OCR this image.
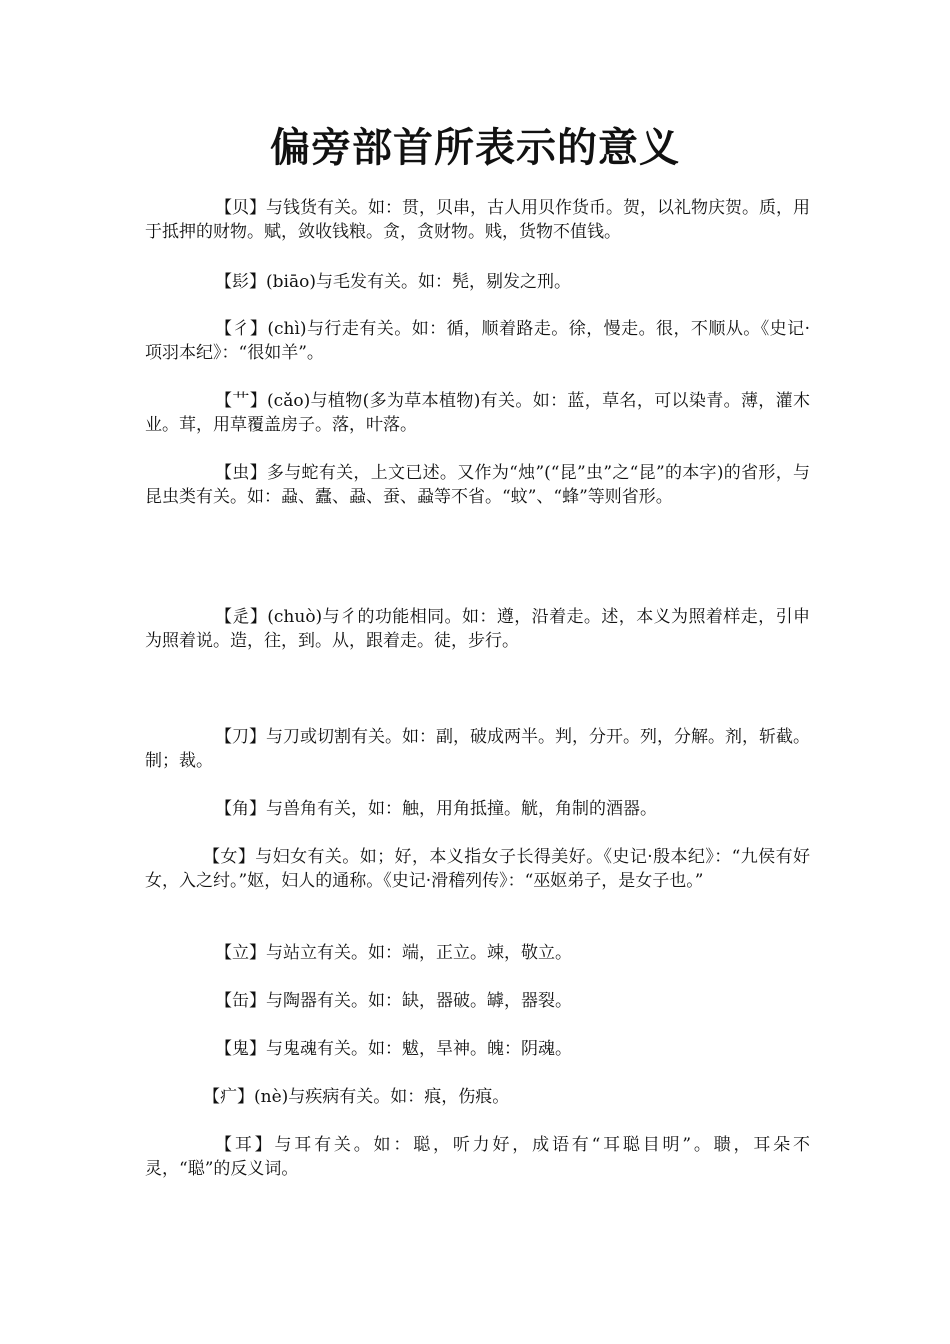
偏旁部首所表示的意义

【贝】与钱货有关。如：贯，贝串，古人用贝作货币。贺，以礼物庆贺。质，用于抵押的财物。赋，敛收钱粮。贪，贪财物。贱，货物不值钱。

【髟】(biāo)与毛发有关。如：髡，剔发之刑。

【彳】(chì)与行走有关。如：循，顺着路走。徐，慢走。很，不顺从。《史记·项羽本纪》：“很如羊”。

【艹】(cǎo)与植物(多为草本植物)有关。如：蓝，草名，可以染青。薄，灌木业。茸，用草覆盖房子。落，叶落。

【虫】多与蛇有关，上文已述。又作为“烛”(“昆”虫”之“昆”的本字)的省形，与昆虫类有关。如：蝨、蠹、蝨、蚕、蝨等不省。“蚊”、“蜂”等则省形。

【辵】(chuò)与彳的功能相同。如：遵，沿着走。述，本义为照着样走，引申为照着说。造，往，到。从，跟着走。徒，步行。

【刀】与刀或切割有关。如：副，破成两半。判，分开。列，分解。剂，斩截。制；裁。

【角】与兽角有关，如：触，用角抵撞。觥，角制的酒器。

【女】与妇女有关。如；好，本义指女子长得美好。《史记·殷本纪》：“九侯有好女，入之纣。”妪，妇人的通称。《史记·滑稽列传》：“巫妪弟子，是女子也。”

【立】与站立有关。如：端，正立。竦，敬立。

【缶】与陶器有关。如：缺，器破。罅，器裂。

【鬼】与鬼魂有关。如：魃，旱神。魄：阴魂。

【疒】(nè)与疾病有关。如：痕，伤痕。

【耳】与耳有关。如：聪，听力好，成语有“耳聪目明”。聩，耳朵不灵，“聪”的反义词。
